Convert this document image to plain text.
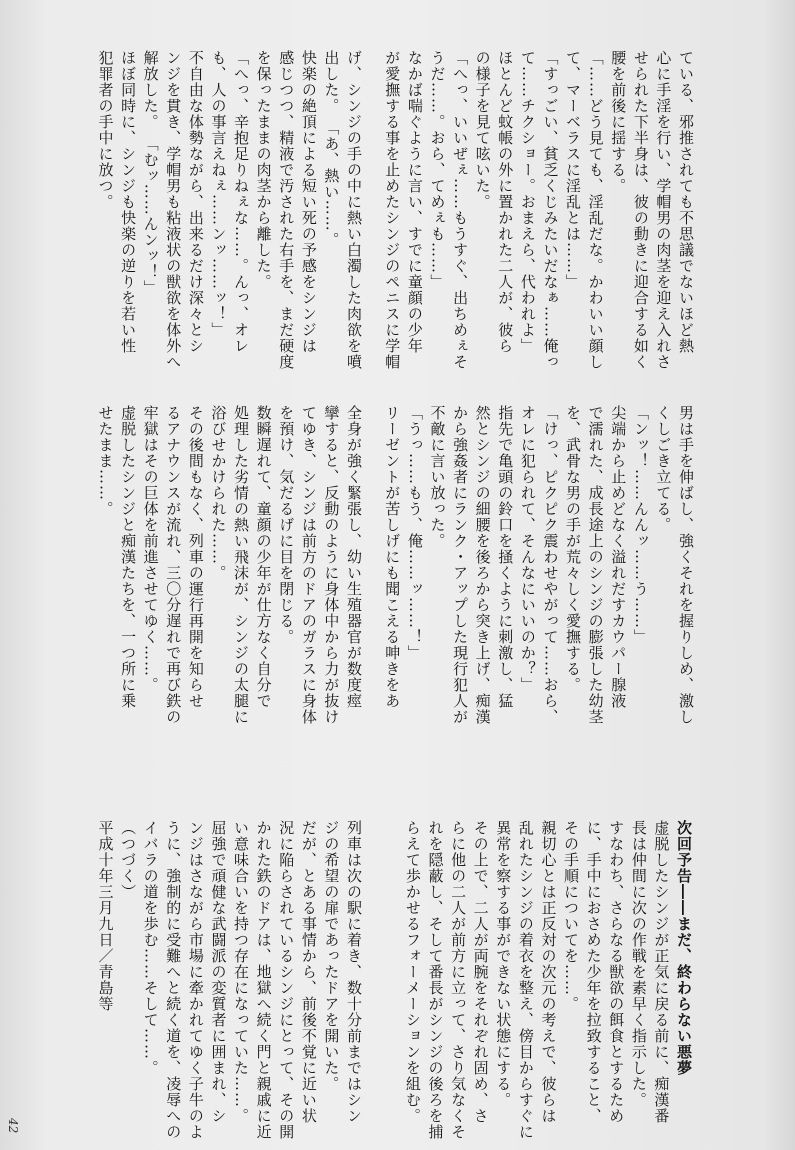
ている、邪推されても不思議でないほど熱 心に手淫を行い、学帽男の肉茎を迎え入れさ せられた下半身は、彼の動きに迎合する如く 腰を前後に揺する。 「……どう見ても、淫乱だな。かわいい顔し て、マーベラスに淫乱とは……」 「すっごい、貧乏くじみたいだなぁ……俺っ て……チクショー。おまえら、代われよ」 ほとんど蚊帳の外に置かれた二人が、彼ら の様子を見て呟いた。 「へっ、いいぜぇ……もうすぐ、出ちめぇそ うだ……。おら、てめぇも……」 なかば喘ぐように言い、すでに童顔の少年 が愛撫する事を止めたシンジのペニスに学帽
男は手を伸ばし、強くそれを握りしめ、激し くしごき立てる。 「ンッ！……んんッ……う……」 尖端から止めどなく溢れだすカウパー腺液 で濡れた、成長途上のシンジの膨張した幼茎 を、武骨な男の手が荒々しく愛撫する。 「けっ、ピクピク震わせやがって……おら、 オレに犯られて、そんなにいいのか？」 指先で亀頭の鈴口を掻くように刺激し、猛 然とシンジの細腰を後ろから突き上げ、痴漢 から強姦者にランク・アップした現行犯人が 不敵に言い放った。 「うっ……もう、俺……ッ……！」 リーゼントが苦しげにも聞こえる呻きをあ
次回予告――まだ、終わらない悪夢 虚脱したシンジが正気に戻る前に、痴漢番 長は仲間に次の作戦を素早く指示した。 すなわち、さらなる獣欲の餌食とするため に、手中におさめた少年を拉致すること、 その手順についてを……。 親切心とは正反対の次元の考えで、彼らは 乱れたシンジの着衣を整え、傍目からすぐに 異常を察する事ができない状態にする。 その上で、二人が両腕をそれぞれ固め、さ らに他の二人が前方に立って、さり気なくそ れを隠蔽し、そして番長がシンジの後ろを捕 らえて歩かせるフォーメーションを組む。
げ、シンジの手の中に熱い白濁した肉欲を噴 出した。 「あ、熱い……。 快楽の絶頂による短い死の予感をシンジは 感じつつ、精液で汚された右手を、まだ硬度 を保ったままの肉茎から離した。 「へっ、辛抱足りねぇな……。んっ、オレ も、人の事言えねぇ……ンッ……ッ！」 不自由な体勢ながら、出来るだけ深々とシ ンジを貫き、学帽男も粘液状の獣欲を体外へ 解放した。 「むッ……んンッ！」 ほぼ同時に、シンジも快楽の逆りを若い性 犯罪者の手中に放つ。
全身が強く緊張し、幼い生殖器官が数度痙 攣すると、反動のように身体中から力が抜け てゆき、シンジは前方のドアのガラスに身体 を預け、気だるげに目を閉じる。 数瞬遅れて、童顔の少年が仕方なく自分で 処理した劣情の熱い飛沫が、シンジの太腿に 浴びせかけられた……。 その後間もなく、列車の運行再開を知らせ るアナウンスが流れ、三〇分遅れで再び鉄の 牢獄はその巨体を前進させてゆく……。 虚脱したシンジと痴漢たちを、一つ所に乗 せたまま……。
列車は次の駅に着き、数十分前まではシン ジの希望の扉であったドアを開いた。 だが、とある事情から、前後不覚に近い状 況に陥らされているシンジにとって、その開 かれた鉄のドアは、地獄へ続く門と親戚に近 い意味合いを持つ存在になっていた……。 屈強で頑健な武闘派の変質者に囲まれ、シ ンジはさながら市場に牽かれてゆく子牛のよ うに、強制的に受難へと続く道を、凌辱への イバラの道を歩む……そして……。 （つづく） 平成十年三月九日／青島等
42
